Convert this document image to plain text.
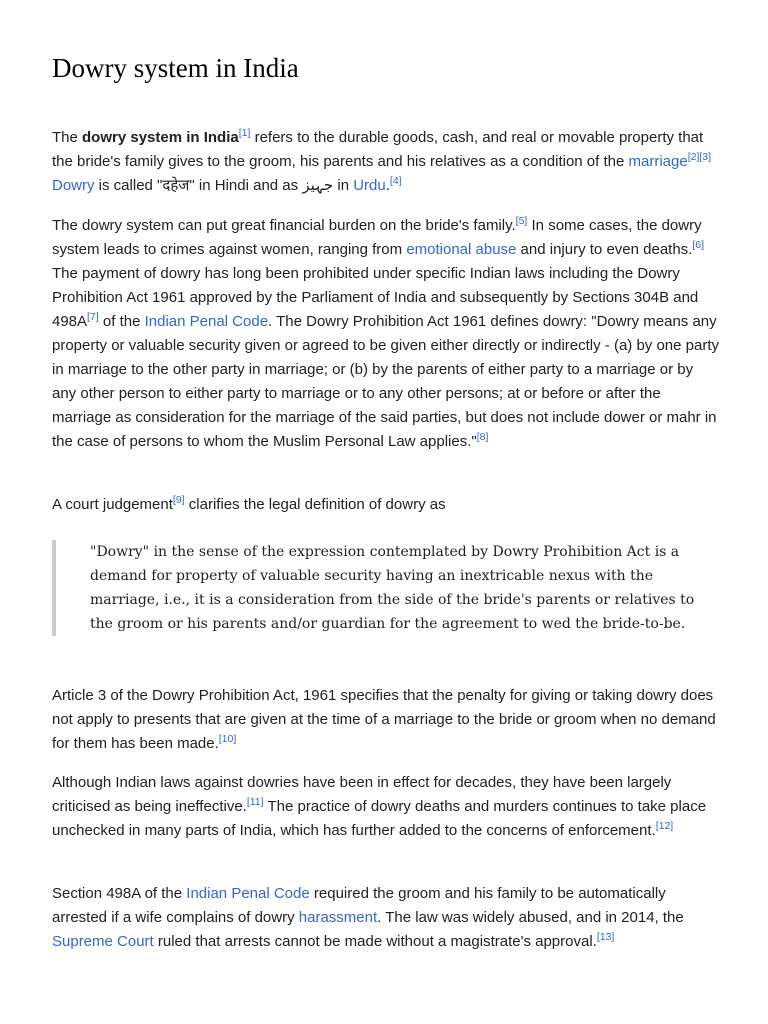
Dowry system in India

The dowry system in India[1] refers to the durable goods, cash, and real or movable property that the bride's family gives to the groom, his parents and his relatives as a condition of the marriage[2][3] Dowry is called "दहेज" in Hindi and as جہیز in Urdu.[4]

The dowry system can put great financial burden on the bride's family.[5] In some cases, the dowry system leads to crimes against women, ranging from emotional abuse and injury to even deaths.[6] The payment of dowry has long been prohibited under specific Indian laws including the Dowry Prohibition Act 1961 approved by the Parliament of India and subsequently by Sections 304B and 498A[7] of the Indian Penal Code. The Dowry Prohibition Act 1961 defines dowry: "Dowry means any property or valuable security given or agreed to be given either directly or indirectly - (a) by one party in marriage to the other party in marriage; or (b) by the parents of either party to a marriage or by any other person to either party to marriage or to any other persons; at or before or after the marriage as consideration for the marriage of the said parties, but does not include dower or mahr in the case of persons to whom the Muslim Personal Law applies."[8]

A court judgement[9] clarifies the legal definition of dowry as

"Dowry" in the sense of the expression contemplated by Dowry Prohibition Act is a demand for property of valuable security having an inextricable nexus with the marriage, i.e., it is a consideration from the side of the bride's parents or relatives to the groom or his parents and/or guardian for the agreement to wed the bride-to-be.

Article 3 of the Dowry Prohibition Act, 1961 specifies that the penalty for giving or taking dowry does not apply to presents that are given at the time of a marriage to the bride or groom when no demand for them has been made.[10]

Although Indian laws against dowries have been in effect for decades, they have been largely criticised as being ineffective.[11] The practice of dowry deaths and murders continues to take place unchecked in many parts of India, which has further added to the concerns of enforcement.[12]

Section 498A of the Indian Penal Code required the groom and his family to be automatically arrested if a wife complains of dowry harassment. The law was widely abused, and in 2014, the Supreme Court ruled that arrests cannot be made without a magistrate's approval.[13]
